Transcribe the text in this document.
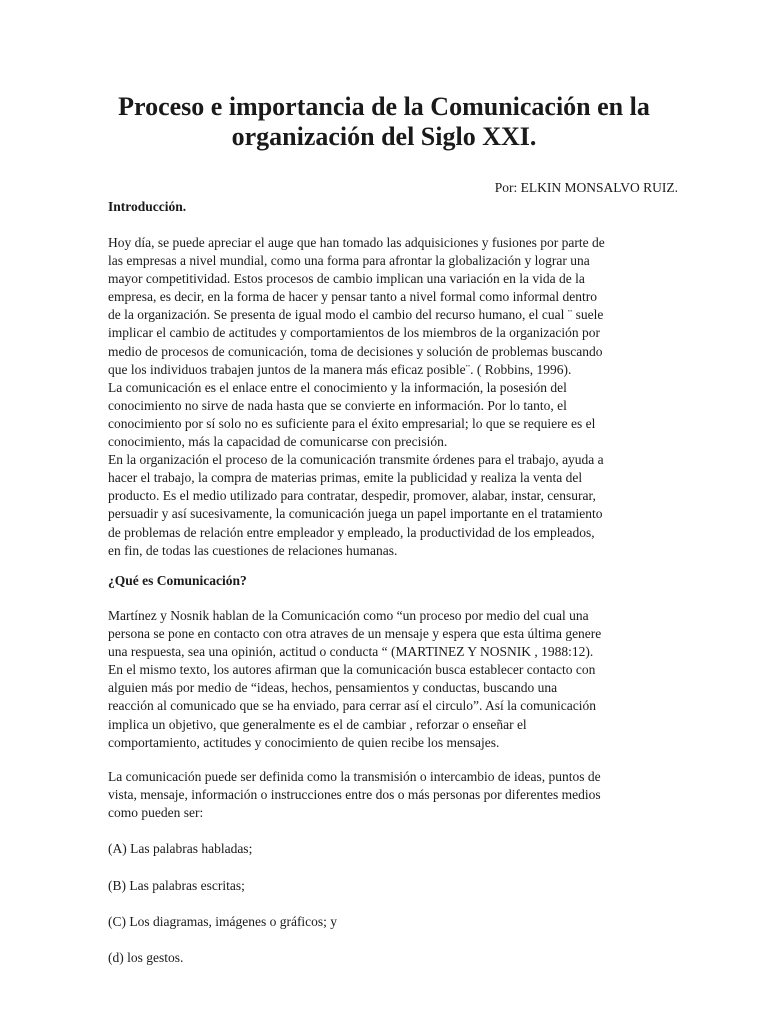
Proceso e importancia de la Comunicación en la
organización del Siglo XXI.

Por: ELKIN MONSALVO RUIZ.

Introducción.

Hoy día, se puede apreciar el auge que han tomado las adquisiciones y fusiones por parte de
las empresas a nivel mundial, como una forma para afrontar la globalización y lograr una
mayor competitividad. Estos procesos de cambio implican una variación en la vida de la
empresa, es decir, en la forma de hacer y pensar tanto a nivel formal como informal dentro
de la organización. Se presenta de igual modo el cambio del recurso humano, el cual ¨ suele
implicar el cambio de actitudes y comportamientos de los miembros de la organización por
medio de procesos de comunicación, toma de decisiones y solución de problemas buscando
que los individuos trabajen juntos de la manera más eficaz posible¨. ( Robbins, 1996).

La comunicación es el enlace entre el conocimiento y la información, la posesión del
conocimiento no sirve de nada hasta que se convierte en información. Por lo tanto, el
conocimiento por sí solo no es suficiente para el éxito empresarial; lo que se requiere es el
conocimiento, más la capacidad de comunicarse con precisión.

En la organización el proceso de la comunicación transmite órdenes para el trabajo, ayuda a
hacer el trabajo, la compra de materias primas, emite la publicidad y realiza la venta del
producto. Es el medio utilizado para contratar, despedir, promover, alabar, instar, censurar,
persuadir y así sucesivamente, la comunicación juega un papel importante en el tratamiento
de problemas de relación entre empleador y empleado, la productividad de los empleados,
en fin, de todas las cuestiones de relaciones humanas.

¿Qué es Comunicación?

Martínez y Nosnik hablan de la Comunicación como “un proceso por medio del cual una
persona se pone en contacto con otra atraves de un mensaje y espera que esta última genere
una respuesta, sea una opinión, actitud o conducta “ (MARTINEZ Y NOSNIK , 1988:12).
En el mismo texto, los autores afirman que la comunicación busca establecer contacto con
alguien más por medio de “ideas, hechos, pensamientos y conductas, buscando una
reacción al comunicado que se ha enviado, para cerrar así el circulo”. Así la comunicación
implica un objetivo, que generalmente es el de cambiar , reforzar o enseñar el
comportamiento, actitudes y conocimiento de quien recibe los mensajes.

La comunicación puede ser definida como la transmisión o intercambio de ideas, puntos de
vista, mensaje, información o instrucciones entre dos o más personas por diferentes medios
como pueden ser:

(A) Las palabras habladas;

(B) Las palabras escritas;

(C) Los diagramas, imágenes o gráficos; y

(d) los gestos.
